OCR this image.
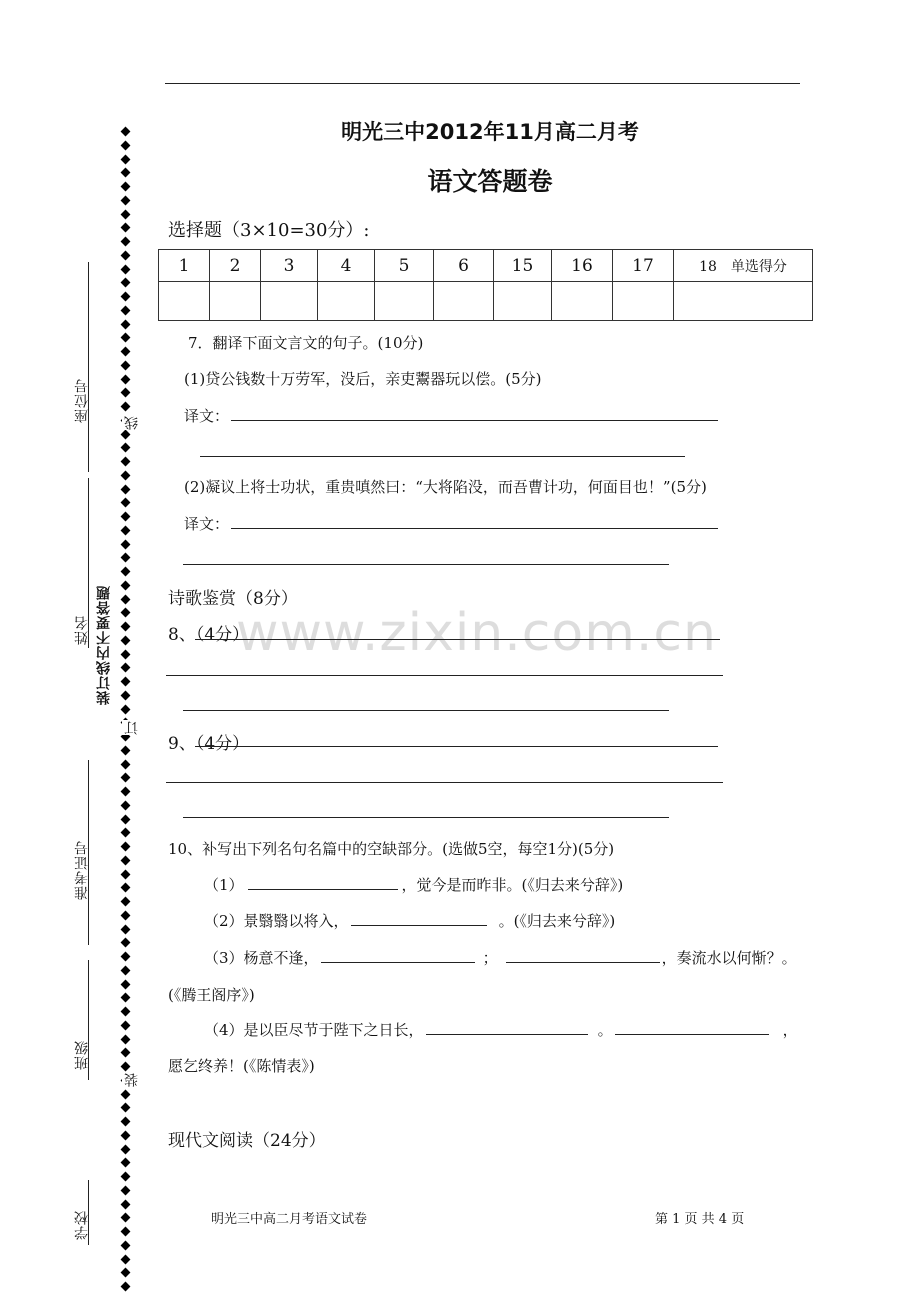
明光三中2012年11月高二月考
语文答题卷
座位号
姓名
准考证号
班级
学校
装订线内不要答题
线
订
装
www.zixin.com.cn
选择题（3×10=30分）:
1	2	3	4	5	6	15	16	17	18　单选得分

7．翻译下面文言文的句子。(10分)
(1)贷公钱数十万劳军，没后，亲吏鬻器玩以偿。(5分)
译文：
(2)凝议上将士功状，重贵嗔然曰：“大将陷没，而吾曹计功，何面目也！”(5分)
译文：
诗歌鉴赏（8分）
8、（4分）
9、（4分）
10、补写出下列名句名篇中的空缺部分。(选做5空，每空1分)(5分)
（1）	，觉今是而昨非。(《归去来兮辞》)
（2）景翳翳以将入，	。(《归去来兮辞》)
（3）杨意不逢，	；	，奏流水以何惭？。
(《腾王阁序》)
（4）是以臣尽节于陛下之日长，	。	，
愿乞终养！(《陈情表》)
现代文阅读（24分）
明光三中高二月考语文试卷	第 1 页 共 4 页
